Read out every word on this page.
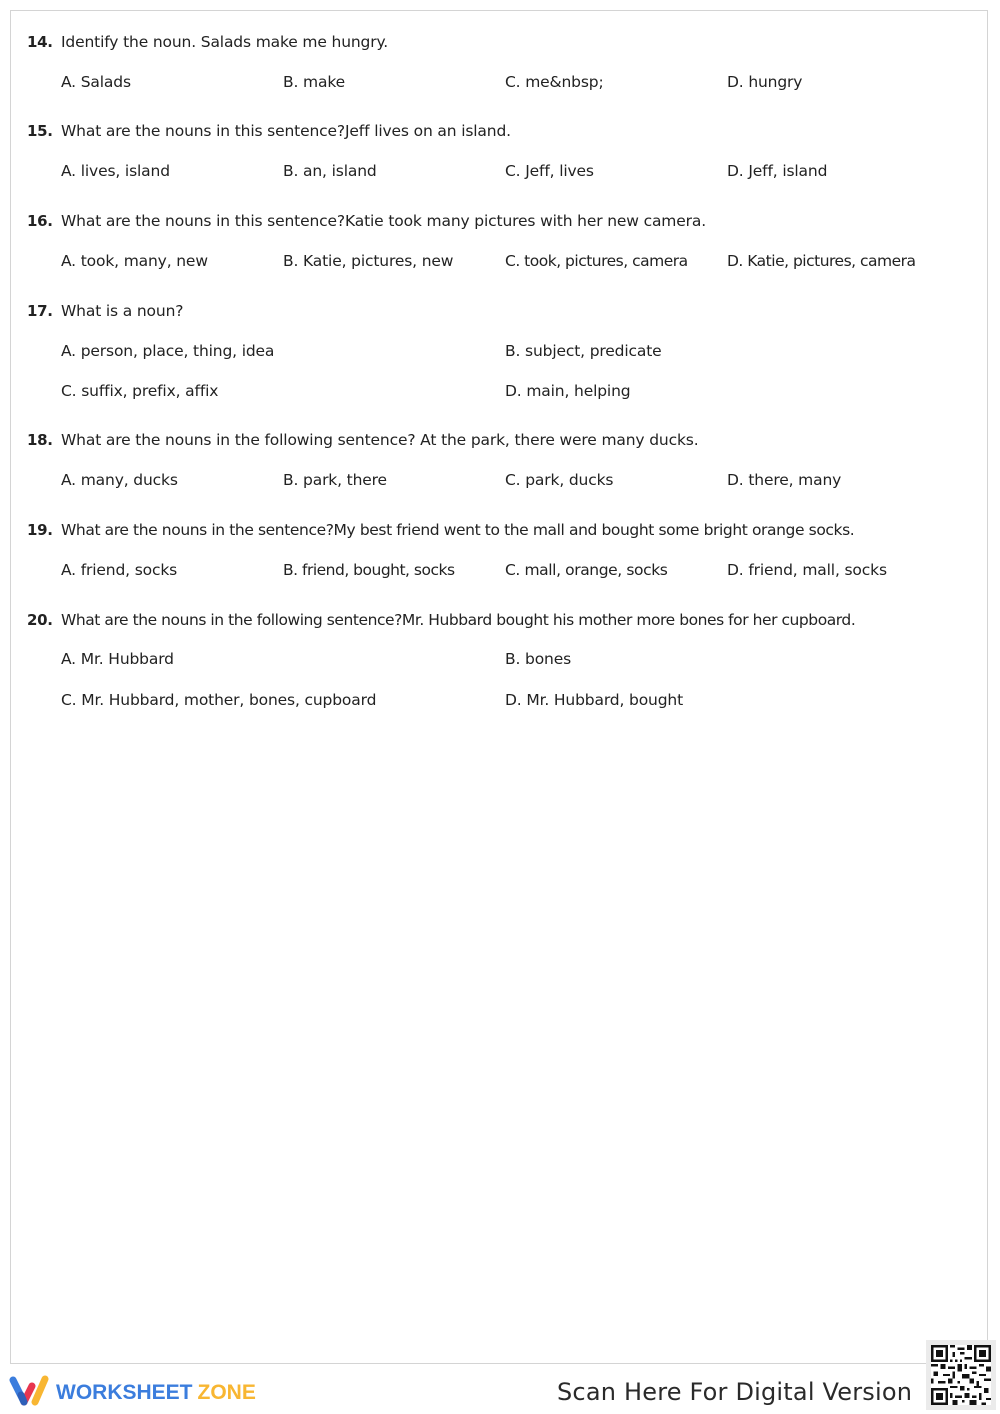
14. Identify the noun. Salads make me hungry.
A. Salads	B. make	C. me&nbsp;	D. hungry
15. What are the nouns in this sentence?Jeff lives on an island.
A. lives, island	B. an, island	C. Jeff, lives	D. Jeff, island
16. What are the nouns in this sentence?Katie took many pictures with her new camera.
A. took, many, new	B. Katie, pictures, new	C. took, pictures, camera	D. Katie, pictures, camera
17. What is a noun?
A. person, place, thing, idea	B. subject, predicate
C. suffix, prefix, affix	D. main, helping
18. What are the nouns in the following sentence? At the park, there were many ducks.
A. many, ducks	B. park, there	C. park, ducks	D. there, many
19. What are the nouns in the sentence?My best friend went to the mall and bought some bright orange socks.
A. friend, socks	B. friend, bought, socks	C. mall, orange, socks	D. friend, mall, socks
20. What are the nouns in the following sentence?Mr. Hubbard bought his mother more bones for her cupboard.
A. Mr. Hubbard	B. bones
C. Mr. Hubbard, mother, bones, cupboard	D. Mr. Hubbard, bought
WORKSHEET ZONE	Scan Here For Digital Version
